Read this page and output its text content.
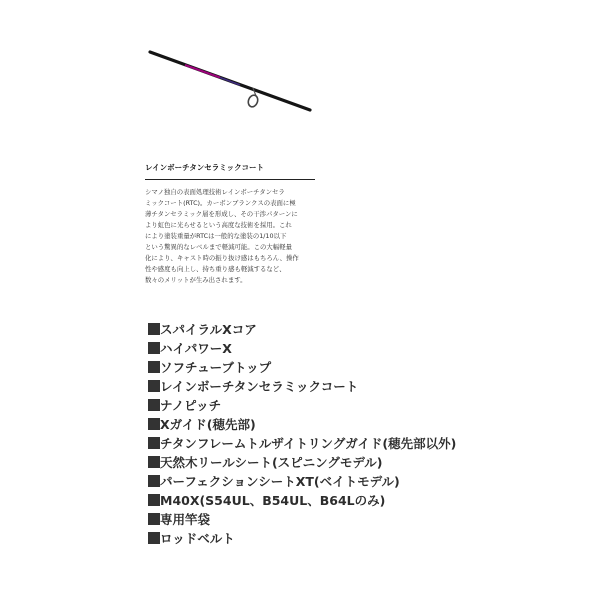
レインボーチタンセラミックコート
シマノ独自の表面処理技術レインボーチタンセラ
ミックコート(RTC)。カーボンブランクスの表面に極
薄チタンセラミック層を形成し、その干渉パターンに
より虹色に光らせるという高度な技術を採用。これ
により塗装重量がRTCは一般的な塗装の1/10以下
という驚異的なレベルまで軽減可能。この大幅軽量
化により、キャスト時の振り抜け感はもちろん、操作
性や感度も向上し、持ち重り感も軽減するなど、
数々のメリットが生み出されます。
スパイラルXコア
ハイパワーX
ソフチューブトップ
レインボーチタンセラミックコート
ナノピッチ
Xガイド(穂先部)
チタンフレームトルザイトリングガイド(穂先部以外)
天然木リールシート(スピニングモデル)
パーフェクションシートXT(ベイトモデル)
M40X(S54UL、B54UL、B64Lのみ)
専用竿袋
ロッドベルト
